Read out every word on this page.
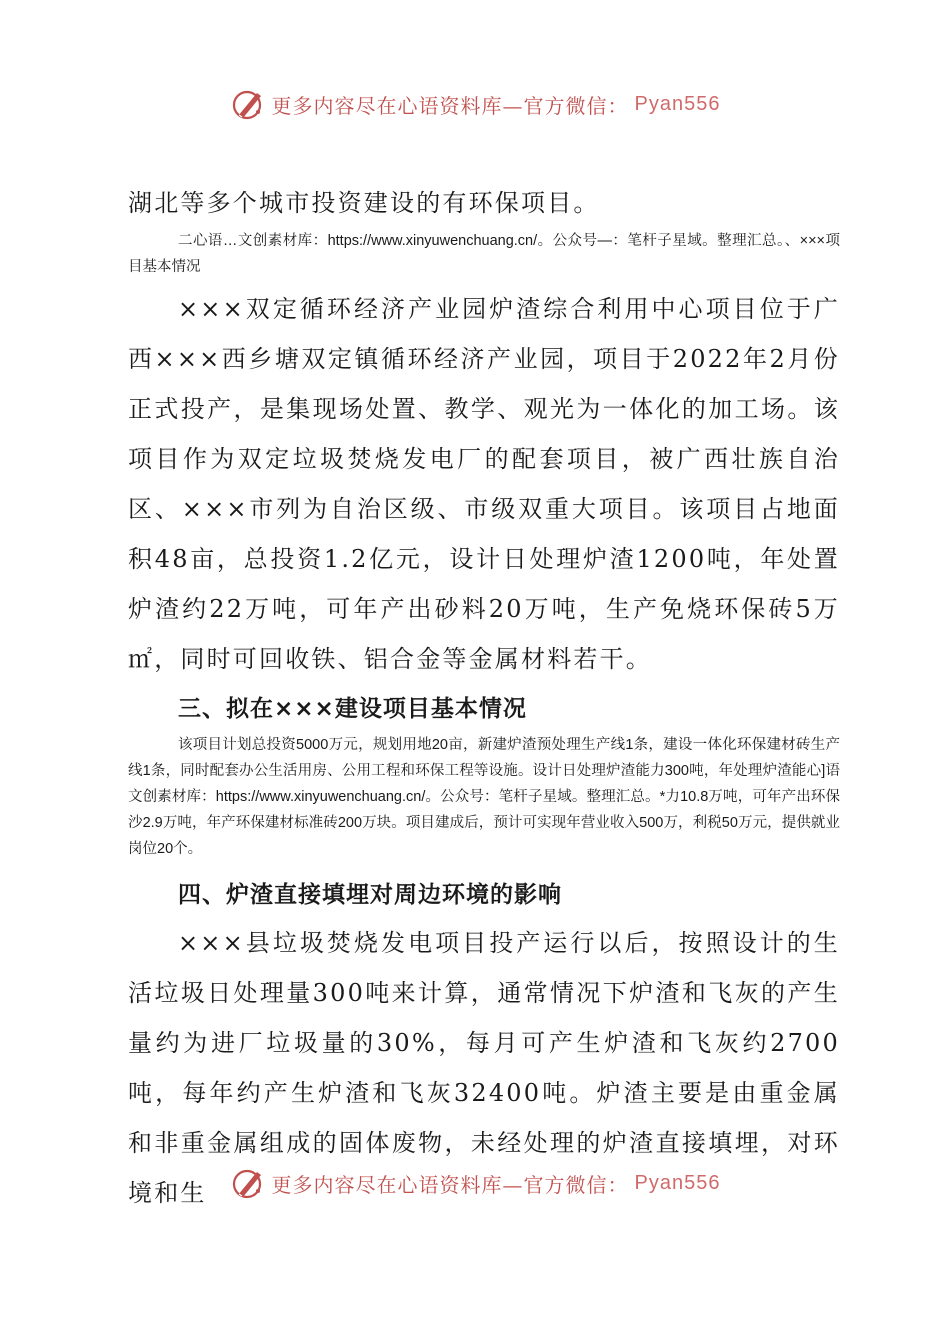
更多内容尽在心语资料库—官方微信： Pyan556

湖北等多个城市投资建设的有环保项目。

二心语…文创素材库：https://www.xinyuwenchuang.cn/。公众号—：笔杆子星域。整理汇总。、×××项目基本情况

×××双定循环经济产业园炉渣综合利用中心项目位于广西×××西乡塘双定镇循环经济产业园，项目于2022年2月份正式投产，是集现场处置、教学、观光为一体化的加工场。该项目作为双定垃圾焚烧发电厂的配套项目，被广西壮族自治区、×××市列为自治区级、市级双重大项目。该项目占地面积48亩，总投资1.2亿元，设计日处理炉渣1200吨，年处置炉渣约22万吨，可年产出砂料20万吨，生产免烧环保砖5万㎡，同时可回收铁、铝合金等金属材料若干。

三、拟在×××建设项目基本情况

该项目计划总投资5000万元，规划用地20亩，新建炉渣预处理生产线1条，建设一体化环保建材砖生产线1条，同时配套办公生活用房、公用工程和环保工程等设施。设计日处理炉渣能力300吨，年处理炉渣能心]语文创素材库：https://www.xinyuwenchuang.cn/。公众号：笔杆子星域。整理汇总。*力10.8万吨，可年产出环保沙2.9万吨，年产环保建材标准砖200万块。项目建成后，预计可实现年营业收入500万，利税50万元，提供就业岗位20个。

四、炉渣直接填埋对周边环境的影响

×××县垃圾焚烧发电项目投产运行以后，按照设计的生活垃圾日处理量300吨来计算，通常情况下炉渣和飞灰的产生量约为进厂垃圾量的30%，每月可产生炉渣和飞灰约2700吨，每年约产生炉渣和飞灰32400吨。炉渣主要是由重金属和非重金属组成的固体废物，未经处理的炉渣直接填埋，对环境和生	更多内容尽在心语资料库—官方微信： Pyan556
